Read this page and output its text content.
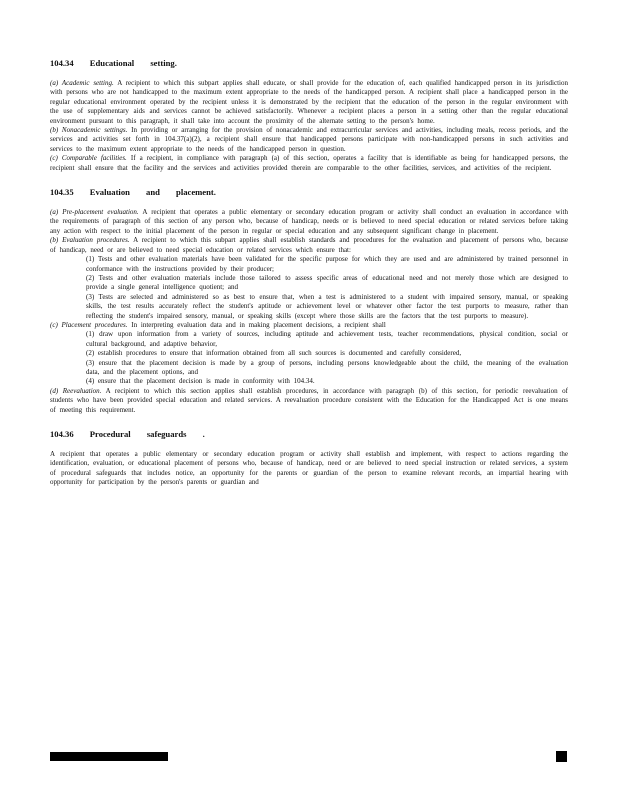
104.34 Educational setting.

(a) Academic setting. A recipient to which this subpart applies shall educate, or shall provide for the education of, each qualified handicapped person in its jurisdiction with persons who are not handicapped to the maximum extent appropriate to the needs of the handicapped person. A recipient shall place a handicapped person in the regular educational environment operated by the recipient unless it is demonstrated by the recipient that the education of the person in the regular environment with the use of supplementary aids and services cannot be achieved satisfactorily. Whenever a recipient places a person in a setting other than the regular educational environment pursuant to this paragraph, it shall take into account the proximity of the alternate setting to the person's home.

(b) Nonacademic settings. In providing or arranging for the provision of nonacademic and extracurricular services and activities, including meals, recess periods, and the services and activities set forth in 104.37(a)(2), a recipient shall ensure that handicapped persons participate with non-handicapped persons in such activities and services to the maximum extent appropriate to the needs of the handicapped person in question.

(c) Comparable facilities. If a recipient, in compliance with paragraph (a) of this section, operates a facility that is identifiable as being for handicapped persons, the recipient shall ensure that the facility and the services and activities provided therein are comparable to the other facilities, services, and activities of the recipient.

104.35 Evaluation and placement.

(a) Pre-placement evaluation. A recipient that operates a public elementary or secondary education program or activity shall conduct an evaluation in accordance with the requirements of paragraph of this section of any person who, because of handicap, needs or is believed to need special education or related services before taking any action with respect to the initial placement of the person in regular or special education and any subsequent significant change in placement.

(b) Evaluation procedures. A recipient to which this subpart applies shall establish standards and procedures for the evaluation and placement of persons who, because of handicap, need or are believed to need special education or related services which ensure that:

(1) Tests and other evaluation materials have been validated for the specific purpose for which they are used and are administered by trained personnel in conformance with the instructions provided by their producer;

(2) Tests and other evaluation materials include those tailored to assess specific areas of educational need and not merely those which are designed to provide a single general intelligence quotient; and

(3) Tests are selected and administered so as best to ensure that, when a test is administered to a student with impaired sensory, manual, or speaking skills, the test results accurately reflect the student's aptitude or achievement level or whatever other factor the test purports to measure, rather than reflecting the student's impaired sensory, manual, or speaking skills (except where those skills are the factors that the test purports to measure).

(c) Placement procedures. In interpreting evaluation data and in making placement decisions, a recipient shall

(1) draw upon information from a variety of sources, including aptitude and achievement tests, teacher recommendations, physical condition, social or cultural background, and adaptive behavior,

(2) establish procedures to ensure that information obtained from all such sources is documented and carefully considered,

(3) ensure that the placement decision is made by a group of persons, including persons knowledgeable about the child, the meaning of the evaluation data, and the placement options, and

(4) ensure that the placement decision is made in conformity with 104.34.

(d) Reevaluation. A recipient to which this section applies shall establish procedures, in accordance with paragraph (b) of this section, for periodic reevaluation of students who have been provided special education and related services. A reevaluation procedure consistent with the Education for the Handicapped Act is one means of meeting this requirement.

104.36 Procedural safeguards .

A recipient that operates a public elementary or secondary education program or activity shall establish and implement, with respect to actions regarding the identification, evaluation, or educational placement of persons who, because of handicap, need or are believed to need special instruction or related services, a system of procedural safeguards that includes notice, an opportunity for the parents or guardian of the person to examine relevant records, an impartial hearing with opportunity for participation by the person's parents or guardian and
